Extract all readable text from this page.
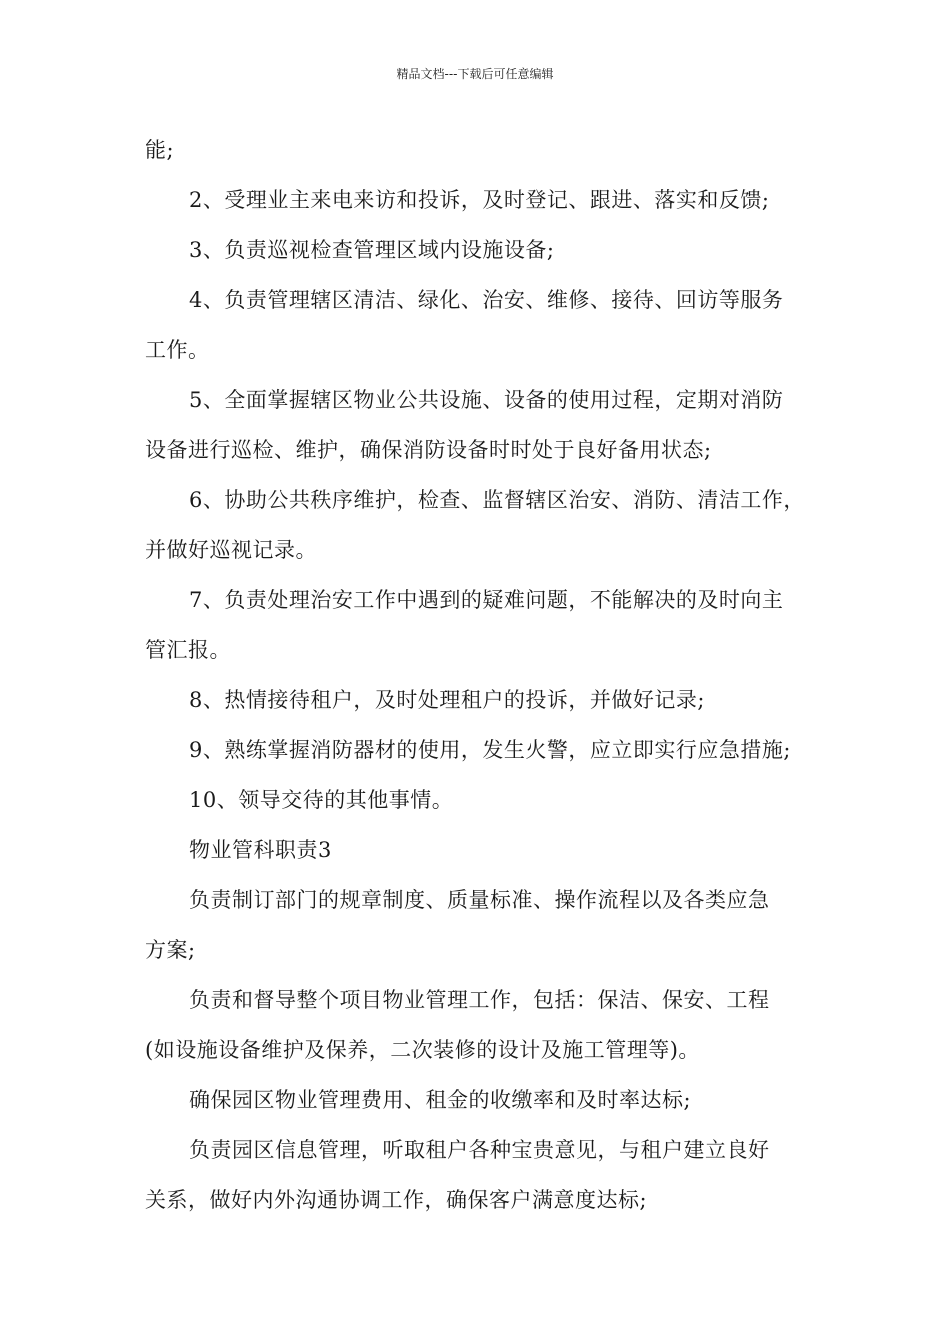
精品文档---下载后可任意编辑
能;
2、受理业主来电来访和投诉，及时登记、跟进、落实和反馈;
3、负责巡视检查管理区域内设施设备;
4、负责管理辖区清洁、绿化、治安、维修、接待、回访等服务
工作。
5、全面掌握辖区物业公共设施、设备的使用过程，定期对消防
设备进行巡检、维护，确保消防设备时时处于良好备用状态;
6、协助公共秩序维护，检查、监督辖区治安、消防、清洁工作，
并做好巡视记录。
7、负责处理治安工作中遇到的疑难问题，不能解决的及时向主
管汇报。
8、热情接待租户，及时处理租户的投诉，并做好记录;
9、熟练掌握消防器材的使用，发生火警，应立即实行应急措施;
10、领导交待的其他事情。
物业管科职责3
负责制订部门的规章制度、质量标准、操作流程以及各类应急
方案;
负责和督导整个项目物业管理工作，包括：保洁、保安、工程
(如设施设备维护及保养，二次装修的设计及施工管理等)。
确保园区物业管理费用、租金的收缴率和及时率达标;
负责园区信息管理，听取租户各种宝贵意见，与租户建立良好
关系，做好内外沟通协调工作，确保客户满意度达标;
